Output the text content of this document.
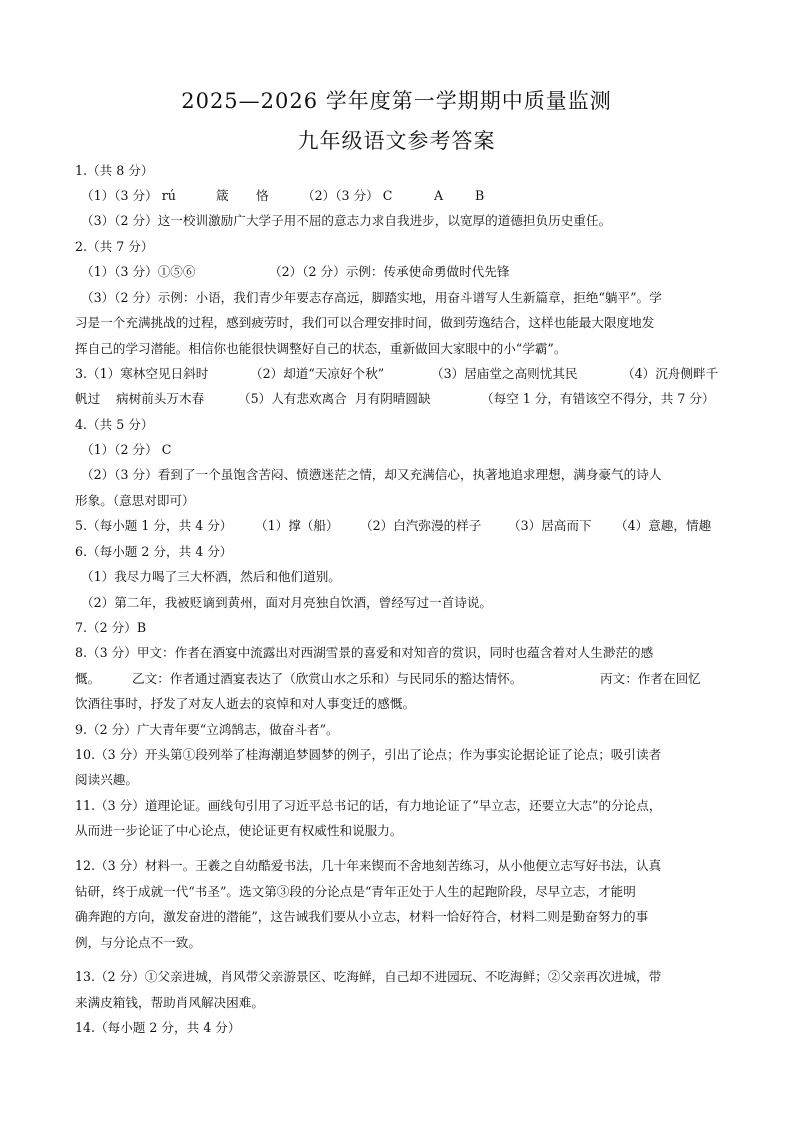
2025—2026 学年度第一学期期中质量监测
九年级语文参考答案
1.（共 8 分）
（1）（3 分） rú	箴 恪	（2）（3 分） C	A	B
（3）（2 分）这一校训激励广大学子用不屈的意志力求自我进步，以宽厚的道德担负历史重任。
2.（共 7 分）
（1）（3 分）①⑤⑥	（2）（2 分）示例：传承使命勇做时代先锋
（3）（2 分）示例：小语，我们青少年要志存高远，脚踏实地，用奋斗谱写人生新篇章，拒绝“躺平”。学
习是一个充满挑战的过程，感到疲劳时，我们可以合理安排时间，做到劳逸结合，这样也能最大限度地发
挥自己的学习潜能。相信你也能很快调整好自己的状态，重新做回大家眼中的小“学霸”。
3.（1）寒林空见日斜时	（2）却道“天凉好个秋”	（3）居庙堂之高则忧其民	（4）沉舟侧畔千
帆过 病树前头万木春	（5）人有悲欢离合 月有阴晴圆缺	（每空 1 分，有错该空不得分，共 7 分）
4.（共 5 分）
（1）（2 分） C
（2）（3 分）看到了一个虽饱含苦闷、愤懑迷茫之情，却又充满信心，执著地追求理想，满身豪气的诗人
形象。（意思对即可）
5.（每小题 1 分，共 4 分） （1）撑（船） （2）白汽弥漫的样子 （3）居高而下 （4）意趣，情趣
6.（每小题 2 分，共 4 分）
（1）我尽力喝了三大杯酒，然后和他们道别。
（2）第二年，我被贬谪到黄州，面对月亮独自饮酒，曾经写过一首诗说。
7.（2 分）B
8.（3 分）甲文：作者在酒宴中流露出对西湖雪景的喜爱和对知音的赏识，同时也蕴含着对人生渺茫的感
慨。	乙文：作者通过酒宴表达了（欣赏山水之乐和）与民同乐的豁达情怀。	丙文：作者在回忆
饮酒往事时，抒发了对友人逝去的哀悼和对人事变迁的感慨。
9.（2 分）广大青年要“立鸿鹄志，做奋斗者”。
10.（3 分）开头第①段列举了桂海潮追梦圆梦的例子，引出了论点；作为事实论据论证了论点；吸引读者
阅读兴趣。
11.（3 分）道理论证。画线句引用了习近平总书记的话，有力地论证了“早立志，还要立大志”的分论点，
从而进一步论证了中心论点，使论证更有权威性和说服力。
12.（3 分）材料一。王羲之自幼酷爱书法，几十年来锲而不舍地刻苦练习，从小他便立志写好书法，认真
钻研，终于成就一代“书圣”。选文第③段的分论点是“青年正处于人生的起跑阶段，尽早立志，才能明
确奔跑的方向，激发奋进的潜能”，这告诫我们要从小立志，材料一恰好符合，材料二则是勤奋努力的事
例，与分论点不一致。
13.（2 分）①父亲进城，肖风带父亲游景区、吃海鲜，自己却不进园玩、不吃海鲜；②父亲再次进城，带
来满皮箱钱，帮助肖风解决困难。
14.（每小题 2 分，共 4 分）
